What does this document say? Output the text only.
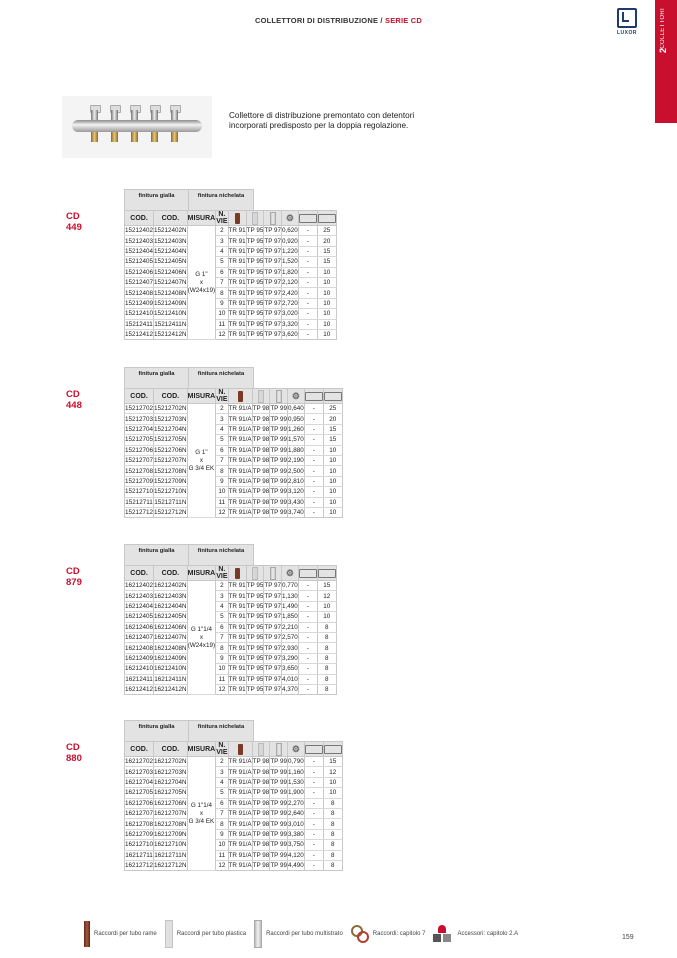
COLLETTORI DI DISTRIBUZIONE / SERIE CD
LUXOR	COLLETTORI
2
Collettore di distribuzione premontato con detentori incorporati predisposto per la doppia regolazione.
CD 449
finitura gialla	finitura nichelata
COD.	COD.	MISURA	N. VIE				⚙		
15212402	15212402N	G 1"
x
(W24x19)	2	TR 91	TP 95	TP 97	0,620	-	25
15212403	15212403N		3	TR 91	TP 95	TP 97	0,920	-	20
15212404	15212404N		4	TR 91	TP 95	TP 97	1,220	-	15
15212405	15212405N		5	TR 91	TP 95	TP 97	1,520	-	15
15212406	15212406N		6	TR 91	TP 95	TP 97	1,820	-	10
15212407	15212407N		7	TR 91	TP 95	TP 97	2,120	-	10
15212408	15212408N		8	TR 91	TP 95	TP 97	2,420	-	10
15212409	15212409N		9	TR 91	TP 95	TP 97	2,720	-	10
15212410	15212410N		10	TR 91	TP 95	TP 97	3,020	-	10
15212411	15212411N		11	TR 91	TP 95	TP 97	3,320	-	10
15212412	15212412N		12	TR 91	TP 95	TP 97	3,620	-	10
CD 448
finitura gialla	finitura nichelata
COD.	COD.	MISURA	N. VIE				⚙		
15212702	15212702N	G 1"
x
G 3/4 EK	2	TR 91/A	TP 98	TP 99	0,640	-	25
15212703	15212703N		3	TR 91/A	TP 98	TP 99	0,950	-	20
15212704	15212704N		4	TR 91/A	TP 98	TP 99	1,260	-	15
15212705	15212705N		5	TR 91/A	TP 98	TP 99	1,570	-	15
15212706	15212706N		6	TR 91/A	TP 98	TP 99	1,880	-	10
15212707	15212707N		7	TR 91/A	TP 98	TP 99	2,190	-	10
15212708	15212708N		8	TR 91/A	TP 98	TP 99	2,500	-	10
15212709	15212709N		9	TR 91/A	TP 98	TP 99	2,810	-	10
15212710	15212710N		10	TR 91/A	TP 98	TP 99	3,120	-	10
15212711	15212711N		11	TR 91/A	TP 98	TP 99	3,430	-	10
15212712	15212712N		12	TR 91/A	TP 98	TP 99	3,740	-	10
CD 879
finitura gialla	finitura nichelata
COD.	COD.	MISURA	N. VIE				⚙		
16212402	16212402N	G 1"1/4
x
(W24x19)	2	TR 91	TP 95	TP 97	0,770	-	15
16212403	16212403N		3	TR 91	TP 95	TP 97	1,130	-	12
16212404	16212404N		4	TR 91	TP 95	TP 97	1,490	-	10
16212405	16212405N		5	TR 91	TP 95	TP 97	1,850	-	10
16212406	16212406N		6	TR 91	TP 95	TP 97	2,210	-	8
16212407	16212407N		7	TR 91	TP 95	TP 97	2,570	-	8
16212408	16212408N		8	TR 91	TP 95	TP 97	2,930	-	8
16212409	16212409N		9	TR 91	TP 95	TP 97	3,290	-	8
16212410	16212410N		10	TR 91	TP 95	TP 97	3,650	-	8
16212411	16212411N		11	TR 91	TP 95	TP 97	4,010	-	8
16212412	16212412N		12	TR 91	TP 95	TP 97	4,370	-	8
CD 880
finitura gialla	finitura nichelata
COD.	COD.	MISURA	N. VIE				⚙		
16212702	16212702N	G 1"1/4
x
G 3/4 EK	2	TR 91/A	TP 98	TP 99	0,790	-	15
16212703	16212703N		3	TR 91/A	TP 98	TP 99	1,160	-	12
16212704	16212704N		4	TR 91/A	TP 98	TP 99	1,530	-	10
16212705	16212705N		5	TR 91/A	TP 98	TP 99	1,900	-	10
16212706	16212706N		6	TR 91/A	TP 98	TP 99	2,270	-	8
16212707	16212707N		7	TR 91/A	TP 98	TP 99	2,640	-	8
16212708	16212708N		8	TR 91/A	TP 98	TP 99	3,010	-	8
16212709	16212709N		9	TR 91/A	TP 98	TP 99	3,380	-	8
16212710	16212710N		10	TR 91/A	TP 98	TP 99	3,750	-	8
16212711	16212711N		11	TR 91/A	TP 98	TP 99	4,120	-	8
16212712	16212712N		12	TR 91/A	TP 98	TP 99	4,490	-	8
Raccordi per tubo rame	Raccordi per tubo plastica	Raccordi per tubo multistrato	Raccordi: capitolo 7	Accessori: capitolo 2.A	159
